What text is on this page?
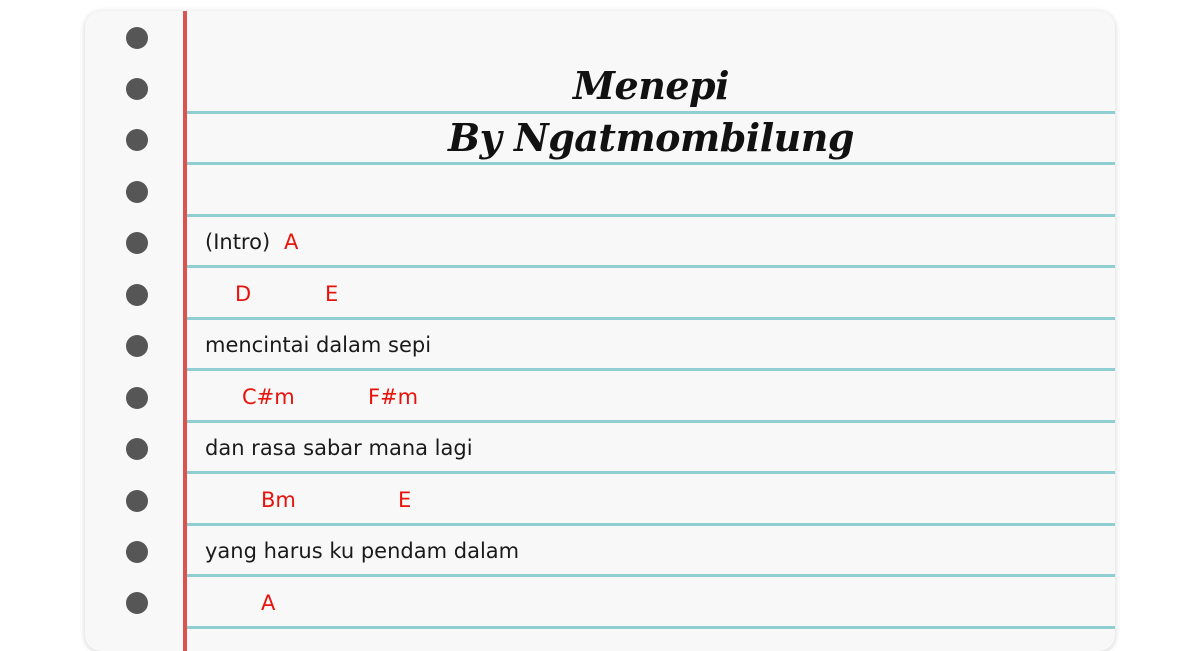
Menepi
By Ngatmombilung
(Intro) A
D	E
mencintai dalam sepi
C#m	F#m
dan rasa sabar mana lagi
Bm	E
yang harus ku pendam dalam
A
